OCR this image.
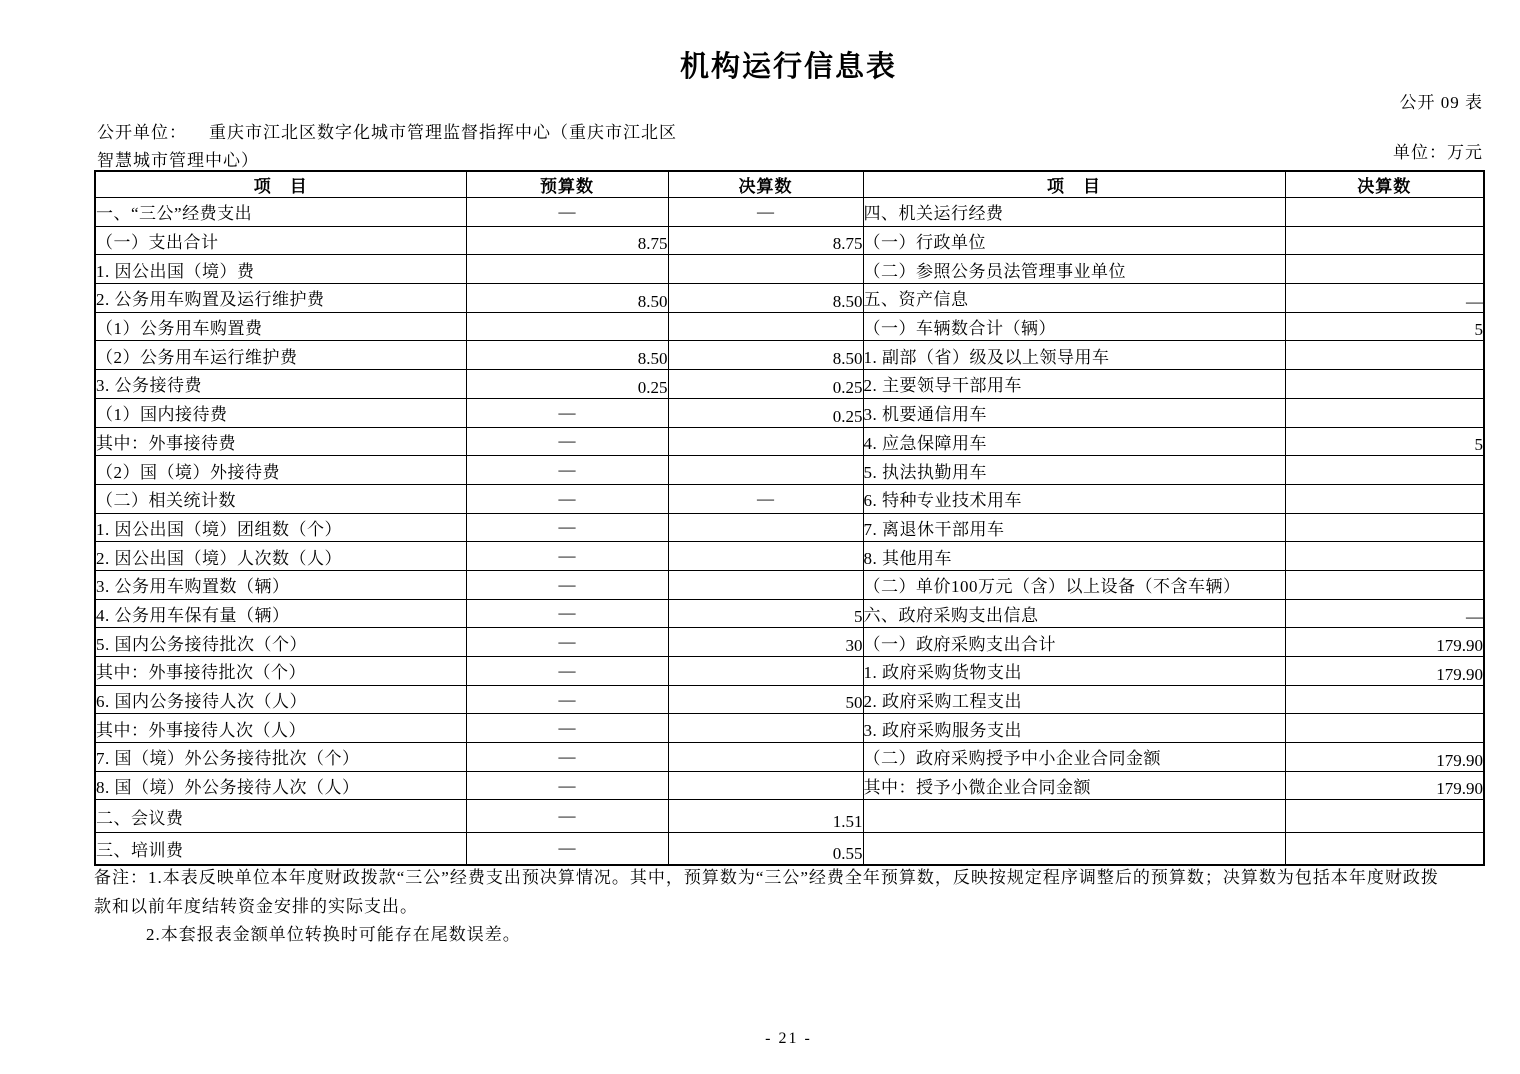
机构运行信息表
公开 09 表
公开单位： 重庆市江北区数字化城市管理监督指挥中心（重庆市江北区
智慧城市管理中心）	单位：万元
项　目	预算数	决算数	项　目	决算数
一、“三公”经费支出	—	—	四、机关运行经费	
（一）支出合计	8.75	8.75	（一）行政单位	
1. 因公出国（境）费			（二）参照公务员法管理事业单位	
2. 公务用车购置及运行维护费	8.50	8.50	五、资产信息	—
（1）公务用车购置费			（一）车辆数合计（辆）	5
（2）公务用车运行维护费	8.50	8.50	1. 副部（省）级及以上领导用车	
3. 公务接待费	0.25	0.25	2. 主要领导干部用车	
（1）国内接待费	—	0.25	3. 机要通信用车	
其中：外事接待费	—		4. 应急保障用车	5
（2）国（境）外接待费	—		5. 执法执勤用车	
（二）相关统计数	—	—	6. 特种专业技术用车	
1. 因公出国（境）团组数（个）	—		7. 离退休干部用车	
2. 因公出国（境）人次数（人）	—		8. 其他用车	
3. 公务用车购置数（辆）	—		（二）单价100万元（含）以上设备（不含车辆）	
4. 公务用车保有量（辆）	—	5	六、政府采购支出信息	—
5. 国内公务接待批次（个）	—	30	（一）政府采购支出合计	179.90
其中：外事接待批次（个）	—		1. 政府采购货物支出	179.90
6. 国内公务接待人次（人）	—	50	2. 政府采购工程支出	
其中：外事接待人次（人）	—		3. 政府采购服务支出	
7. 国（境）外公务接待批次（个）	—		（二）政府采购授予中小企业合同金额	179.90
8. 国（境）外公务接待人次（人）	—		其中：授予小微企业合同金额	179.90
二、会议费	—	1.51		
三、培训费	—	0.55		
备注：1.本表反映单位本年度财政拨款“三公”经费支出预决算情况。其中，预算数为“三公”经费全年预算数，反映按规定程序调整后的预算数；决算数为包括本年度财政拨
款和以前年度结转资金安排的实际支出。
2.本套报表金额单位转换时可能存在尾数误差。
- 21 -
